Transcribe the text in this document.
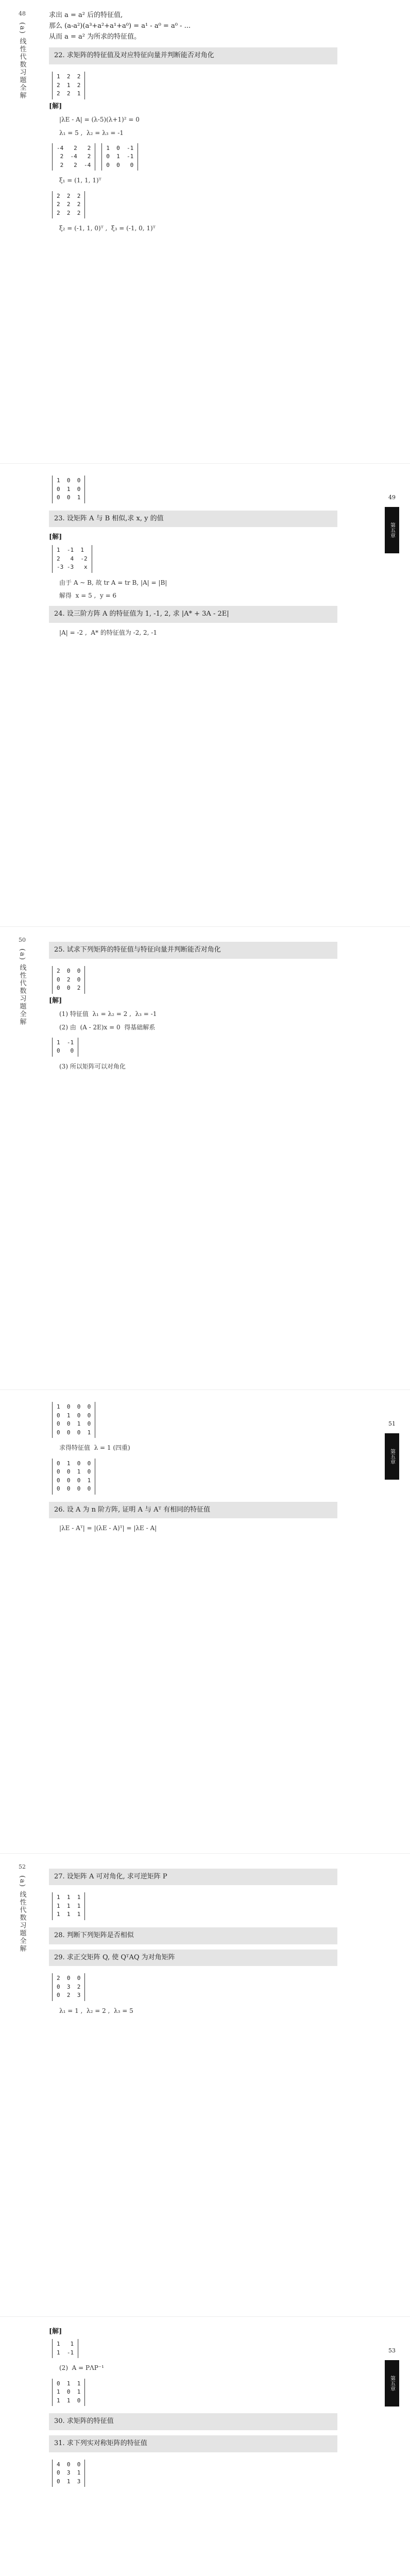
48
(a) 线性代数习题全解
求出 a = a² 后的特征值,
那么 (a-a²)(a³+a²+a¹+a⁰) = a¹ - a⁰ = a⁰ - ...
从而 a = a² 为所求的特征值。
22. 求矩阵的特征值及对应特征向量并判断能否对角化
1  2  2
2  1  2
2  2  1
[解]
|λE - A| = (λ-5)(λ+1)² = 0
λ₁ = 5 ,  λ₂ = λ₃ = -1
-4   2   2
2  -4   2
2   2  -41  0  -1
0  1  -1
0  0   0
ξ₁ = (1, 1, 1)ᵀ
2  2  2
2  2  2
2  2  2
ξ₂ = (-1, 1, 0)ᵀ ,  ξ₃ = (-1, 0, 1)ᵀ
49
第五章
1  0  0
0  1  0
0  0  1
23. 设矩阵 A 与 B 相似,求 x, y 的值
[解]
1  -1  1
2   4  -2
-3 -3   x
由于 A ~ B, 故 tr A = tr B, |A| = |B|
解得  x = 5 ,  y = 6
24. 设三阶方阵 A 的特征值为 1, -1, 2, 求 |A* + 3A - 2E|
|A| = -2 ,  A* 的特征值为 -2, 2, -1
50
(a) 线性代数习题全解	25. 试求下列矩阵的特征值与特征向量并判断能否对角化
2  0  0
0  2  0
0  0  2
[解]
(1) 特征值  λ₁ = λ₂ = 2 ,  λ₃ = -1
(2) 由  (A - 2E)x = 0  得基础解系
1  -1
0   0
(3) 所以矩阵可以对角化
51
第五章
1  0  0  0
0  1  0  0
0  0  1  0
0  0  0  1
求得特征值  λ = 1 (四重)
0  1  0  0
0  0  1  0
0  0  0  1
0  0  0  0
26. 设 A 为 n 阶方阵, 证明 A 与 Aᵀ 有相同的特征值
|λE - Aᵀ| = |(λE - A)ᵀ| = |λE - A|
52
(a) 线性代数习题全解	27. 设矩阵 A 可对角化, 求可逆矩阵 P
1  1  1
1  1  1
1  1  1
28. 判断下列矩阵是否相似
29. 求正交矩阵 Q, 使 QᵀAQ 为对角矩阵
2  0  0
0  3  2
0  2  3
λ₁ = 1 ,  λ₂ = 2 ,  λ₃ = 5
53
第五章
[解]
1   1
1  -1
(2)  A = PΛP⁻¹
0  1  1
1  0  1
1  1  0
30. 求矩阵的特征值
31. 求下列实对称矩阵的特征值
4  0  0
0  3  1
0  1  3
